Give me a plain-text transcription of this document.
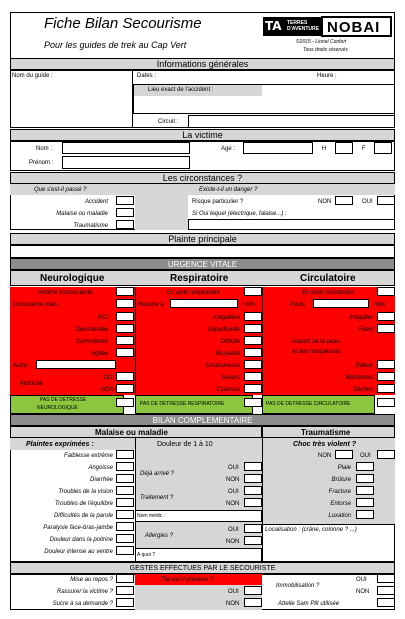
Fiche Bilan Secourisme
Pour les guides de trek au Cap Vert
TA TERRES
D'AVENTURE NOBAI
©2015 - Lionel Confort
Tous droits réservés
Informations générales
Nom du guide :	Dates :	Heure :
Lieu exact de l'accident :
Circuit :
La victime
Nom :
Prénom :
Age :	H	F
Les circonstances ?
Que s'est-il passé ?	Existe-t-il un danger ?
Accident
Malaise ou maladie
Traumatisme
Risque particulier ?	NON	OUI
Si Oui lequel (électrique, falaise...) :
Plainte principale
URGENCE VITALE
Neurologique	Respiratoire	Circulatoire
Victime inconsciente
Consciente mais :
PCI
Désorientée
Somnolente
Agitée
Autre :
Motricité
OUI
NON
PAS DE DETRESSE
NEUROLOGIQUE
En arrêt respiratoire
Respire à	/ min
Irrégulière
Superficielle
Difficile
Bruyante
Douloureuse
Sueurs
Cyanose
PAS DE DETRESSE RESPIRATOIRE
En arrêt circulatoire
Pouls	/min
Irrégulier
Filant
Aspect de la peau
et des muqueuses
Pâleur
Marbrures
Sèches
PAS DE DETRESSE CIRCULATOIRE
BILAN COMPLEMENTAIRE
Malaise ou maladie	Traumatisme
Plaintes exprimées :	Douleur de 1 à 10
Faiblesse extrême
Angoisse
Diarrhée
Troubles de la vision
Troubles de l'équilibre
Difficultés de la parole
Paralysie face-bras-jambe
Douleur dans la poitrine
Douleur intense au ventre
Déjà arrivé ?
OUI
NON
Traitement ?
OUI
NON
Nom médic :
Allergies ?
OUI
NON
A quoi ?
Choc très violent ?
NON	OUI
Plaie
Brûlure
Fracture
Entorse
Luxation
Localisation : (crâne, colonne ? ...)
GESTES EFFECTUES PAR LE SECOURISTE
Mise au repos ?
Rassurer la victime ?
Sucre à sa demande ?
Thé est-il prévenu ?
OUI
NON
Immobilisation ?
OUI
NON
Attelle Sam Plit utilisée
